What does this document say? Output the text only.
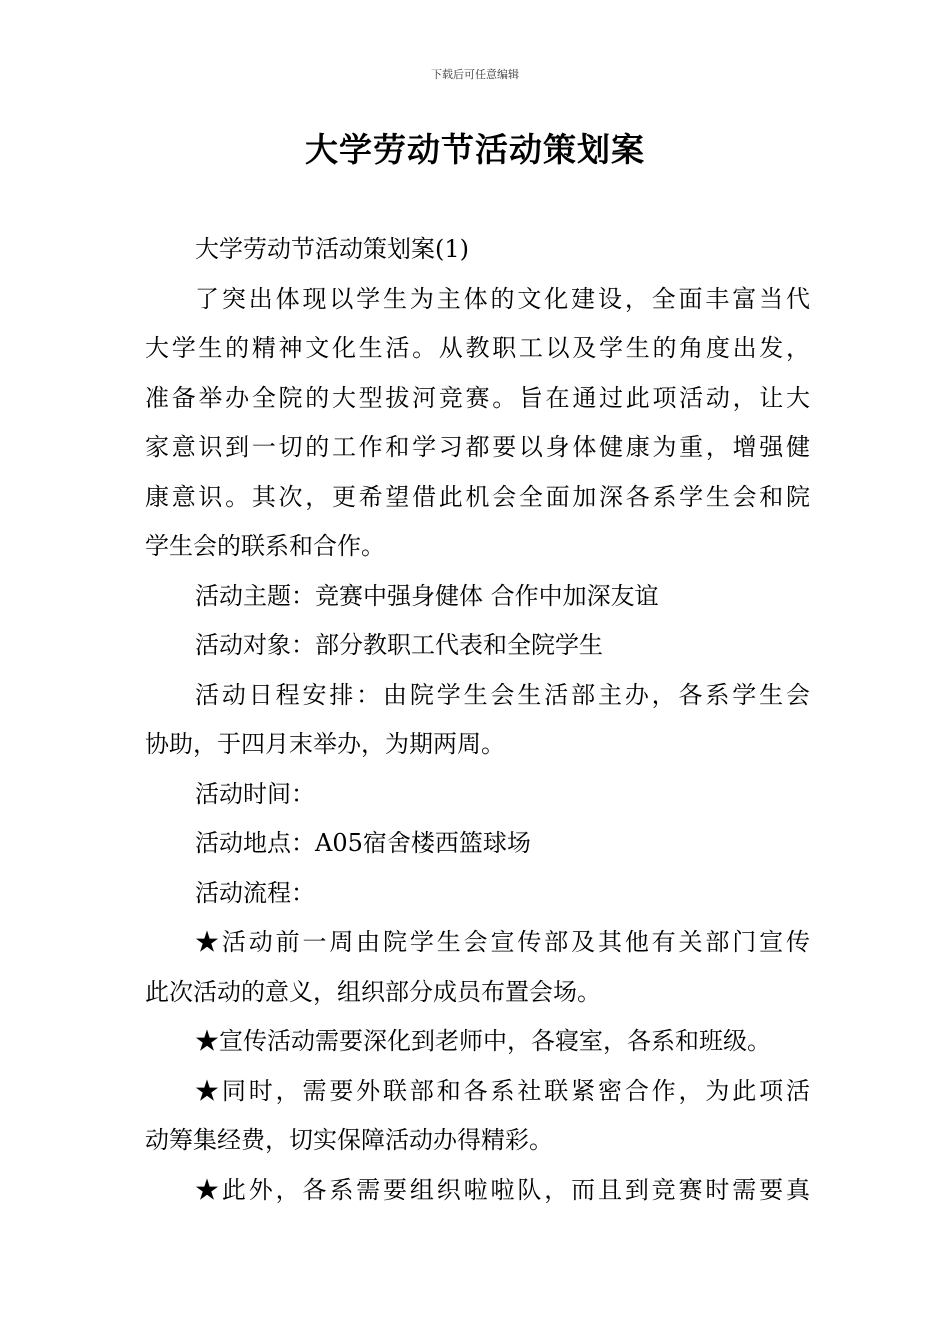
下载后可任意编辑
大学劳动节活动策划案
大学劳动节活动策划案(1)
了突出体现以学生为主体的文化建设，全面丰富当代
大学生的精神文化生活。从教职工以及学生的角度出发，
准备举办全院的大型拔河竞赛。旨在通过此项活动，让大
家意识到一切的工作和学习都要以身体健康为重，增强健
康意识。其次，更希望借此机会全面加深各系学生会和院
学生会的联系和合作。
活动主题：竞赛中强身健体 合作中加深友谊
活动对象：部分教职工代表和全院学生
活动日程安排：由院学生会生活部主办，各系学生会
协助，于四月末举办，为期两周。
活动时间：
活动地点：A05宿舍楼西篮球场
活动流程：
★活动前一周由院学生会宣传部及其他有关部门宣传
此次活动的意义，组织部分成员布置会场。
★宣传活动需要深化到老师中，各寝室，各系和班级。
★同时，需要外联部和各系社联紧密合作，为此项活
动筹集经费，切实保障活动办得精彩。
★此外，各系需要组织啦啦队，而且到竞赛时需要真
